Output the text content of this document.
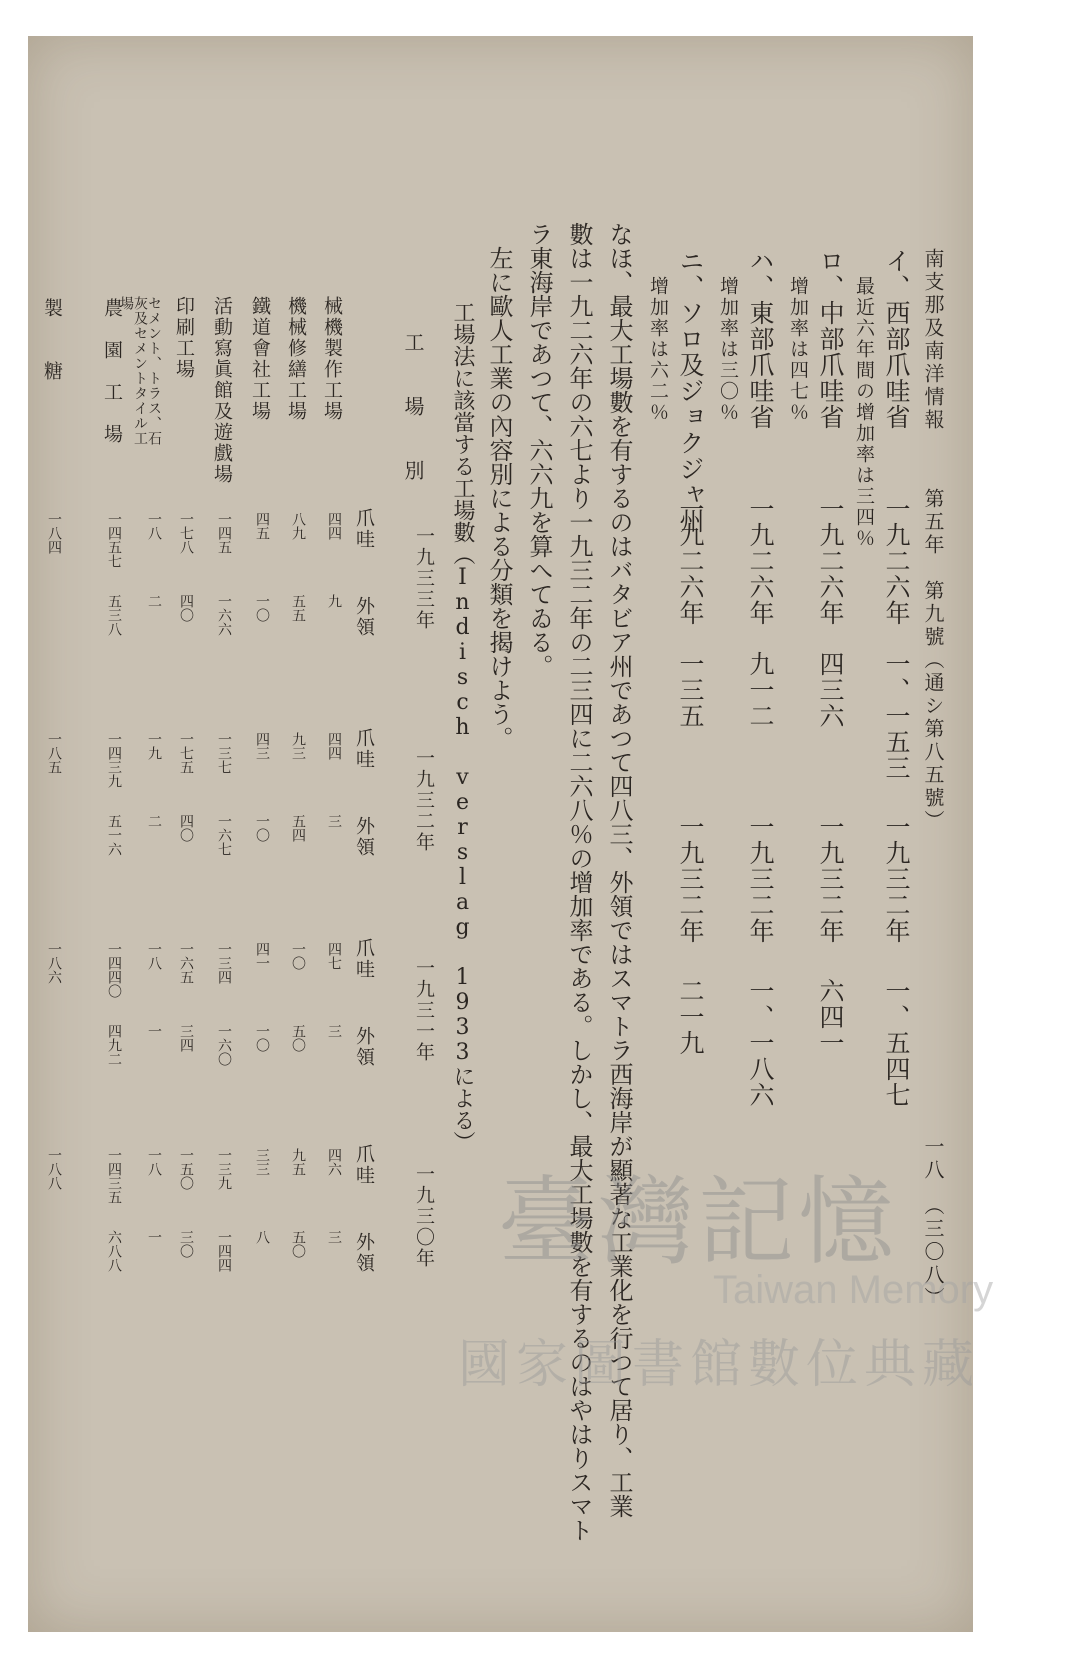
南支那及南洋情報
第五年　第九號（通シ第八五號）
一八　（三〇八）
イ、西部爪哇省
一九二六年
一、一五三
一九三二年
一、五四七
最近六年間の增加率は三四％
ロ、中部爪哇省
一九二六年
四三六
一九三二年
六四一
增加率は四七％
ハ、東部爪哇省
一九二六年
九一二
一九三二年
一、一八六
增加率は三〇％
ニ、ソロ及ジョクジャ州
一九二六年
一三五
一九三二年
二一九
增加率は六二％
なほ、最大工場數を有するのはバタビア州であつて四八三、外領ではスマトラ西海岸が顯著な工業化を行つて居り、工業
數は一九二六年の六七より一九三二年の二三四に二六八％の增加率である。しかし、最大工場數を有するのはやはりスマト
ラ東海岸であつて、六六九を算へてゐる。
左に歐人工業の內容別による分類を揭けよう。
工場法に該當する工場數（Indisch verslag 1933による）
工　場　別
一九三三年
爪哇
外領
一九三二年
爪哇
外領
一九三一年
爪哇
外領
一九三〇年
爪哇
外領
械機製作工場
四四
九
四四
三
四七
三
四六
三
機械修繕工場
八九
五五
九三
五四
一〇
五〇
九五
五〇
鐵道會社工場
四五
一〇
四三
一〇
四一
一〇
三三
八
活動寫眞館及遊戲場
一四五
一六六
一三七
一六七
一三四
一六〇
一三九
一四四
印刷工場
一七八
四〇
一七五
四〇
一六五
三四
一五〇
三〇
セメント、トラス、石灰及セメントタイル工場
一八
二
一九
二
一八
一
一八
一
農　園　工　場
一四五七
五三八
一四三九
五一六
一四四〇
四九二
一四三五
六八八
製　　糖
一八四
一八五
一八六
一八八	臺灣記憶
Taiwan Memory
國家圖書館數位典藏
